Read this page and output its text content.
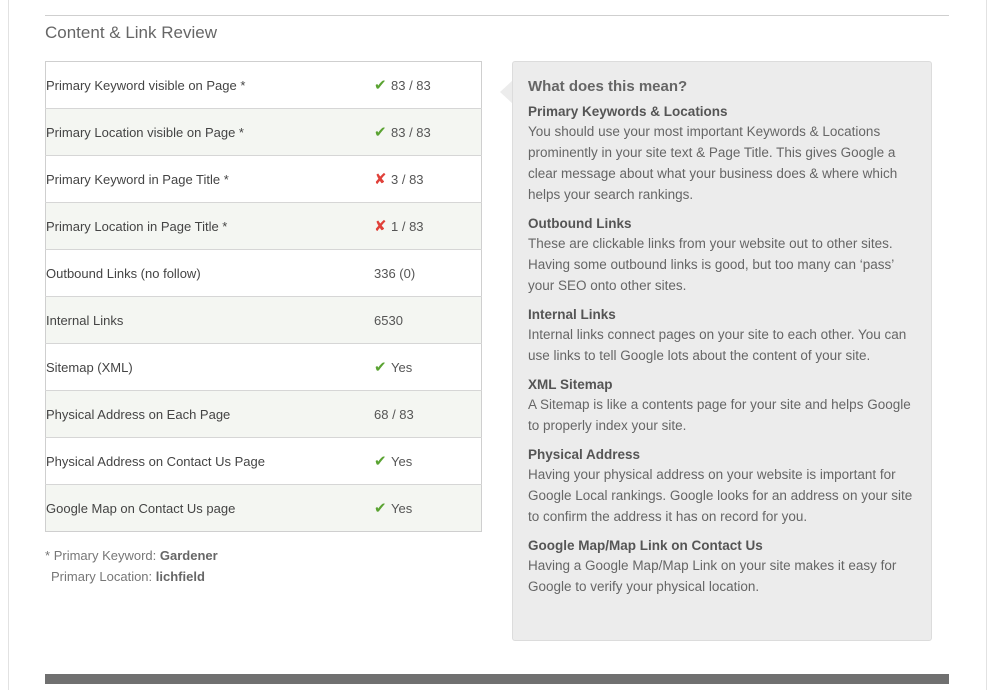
Content & Link Review
Primary Keyword visible on Page *	✔ 83 / 83
Primary Location visible on Page *	✔ 83 / 83
Primary Keyword in Page Title *	✘ 3 / 83
Primary Location in Page Title *	✘ 1 / 83
Outbound Links (no follow)	336 (0)
Internal Links	6530
Sitemap (XML)	✔ Yes
Physical Address on Each Page	68 / 83
Physical Address on Contact Us Page	✔ Yes
Google Map on Contact Us page	✔ Yes
* Primary Keyword: Gardener
Primary Location: lichfield
What does this mean?
Primary Keywords & Locations

You should use your most important Keywords & Locations prominently in your site text & Page Title. This gives Google a clear message about what your business does & where which helps your search rankings.

Outbound Links

These are clickable links from your website out to other sites. Having some outbound links is good, but too many can ‘pass’ your SEO onto other sites.

Internal Links

Internal links connect pages on your site to each other. You can use links to tell Google lots about the content of your site.

XML Sitemap

A Sitemap is like a contents page for your site and helps Google to properly index your site.

Physical Address

Having your physical address on your website is important for Google Local rankings. Google looks for an address on your site to confirm the address it has on record for you.

Google Map/Map Link on Contact Us

Having a Google Map/Map Link on your site makes it easy for Google to verify your physical location.
